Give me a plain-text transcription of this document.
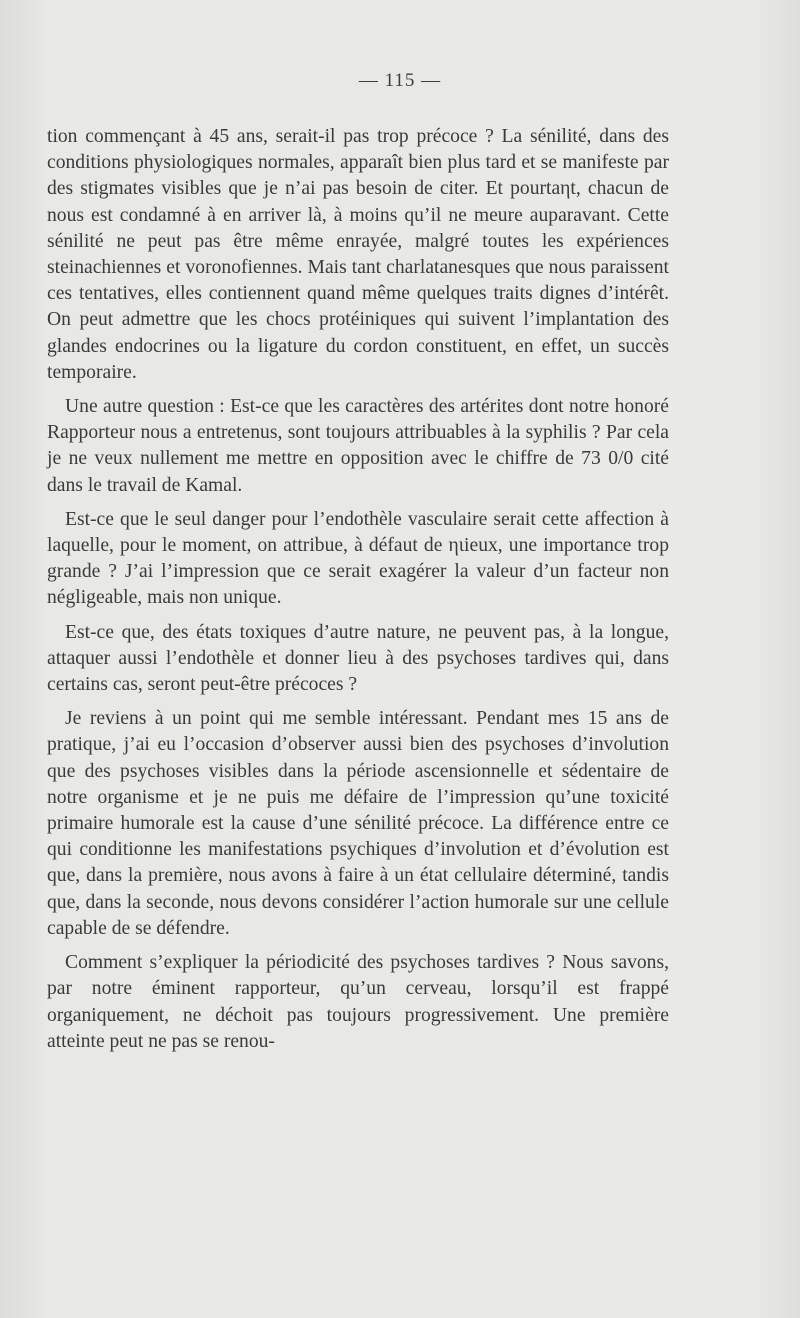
— 115 —

tion commençant à 45 ans, serait-il pas trop précoce ? La sénilité, dans des conditions physiologiques normales, apparaît bien plus tard et se manifeste par des stigmates visibles que je n’ai pas besoin de citer. Et pourtaηt, chacun de nous est condamné à en arriver là, à moins qu’il ne meure auparavant. Cette sénilité ne peut pas être même enrayée, malgré toutes les expériences steinachiennes et voronofiennes. Mais tant charlatanesques que nous paraissent ces tentatives, elles contiennent quand même quelques traits dignes d’intérêt. On peut admettre que les chocs protéiniques qui suivent l’implantation des glandes endocrines ou la ligature du cordon constituent, en effet, un succès temporaire.

Une autre question : Est-ce que les caractères des artérites dont notre honoré Rapporteur nous a entretenus, sont toujours attribuables à la syphilis ? Par cela je ne veux nullement me mettre en opposition avec le chiffre de 73 0/0 cité dans le travail de Kamal.

Est-ce que le seul danger pour l’endothèle vasculaire serait cette affection à laquelle, pour le moment, on attribue, à défaut de ηιieux, une importance trop grande ? J’ai l’impression que ce serait exagérer la valeur d’un facteur non négligeable, mais non unique.

Est-ce que, des états toxiques d’autre nature, ne peuvent pas, à la longue, attaquer aussi l’endothèle et donner lieu à des psychoses tardives qui, dans certains cas, seront peut-être précoces ?

Je reviens à un point qui me semble intéressant. Pendant mes 15 ans de pratique, j’ai eu l’occasion d’observer aussi bien des psychoses d’involution que des psychoses visibles dans la période ascensionnelle et sédentaire de notre organisme et je ne puis me défaire de l’impression qu’une toxicité primaire humorale est la cause d’une sénilité précoce. La différence entre ce qui conditionne les manifestations psychiques d’involution et d’évolution est que, dans la première, nous avons à faire à un état cellulaire déterminé, tandis que, dans la seconde, nous devons considérer l’action humorale sur une cellule capable de se défendre.

Comment s’expliquer la périodicité des psychoses tardives ? Nous savons, par notre éminent rapporteur, qu’un cerveau, lorsqu’il est frappé organiquement, ne déchoit pas toujours progressivement. Une première atteinte peut ne pas se renou-
